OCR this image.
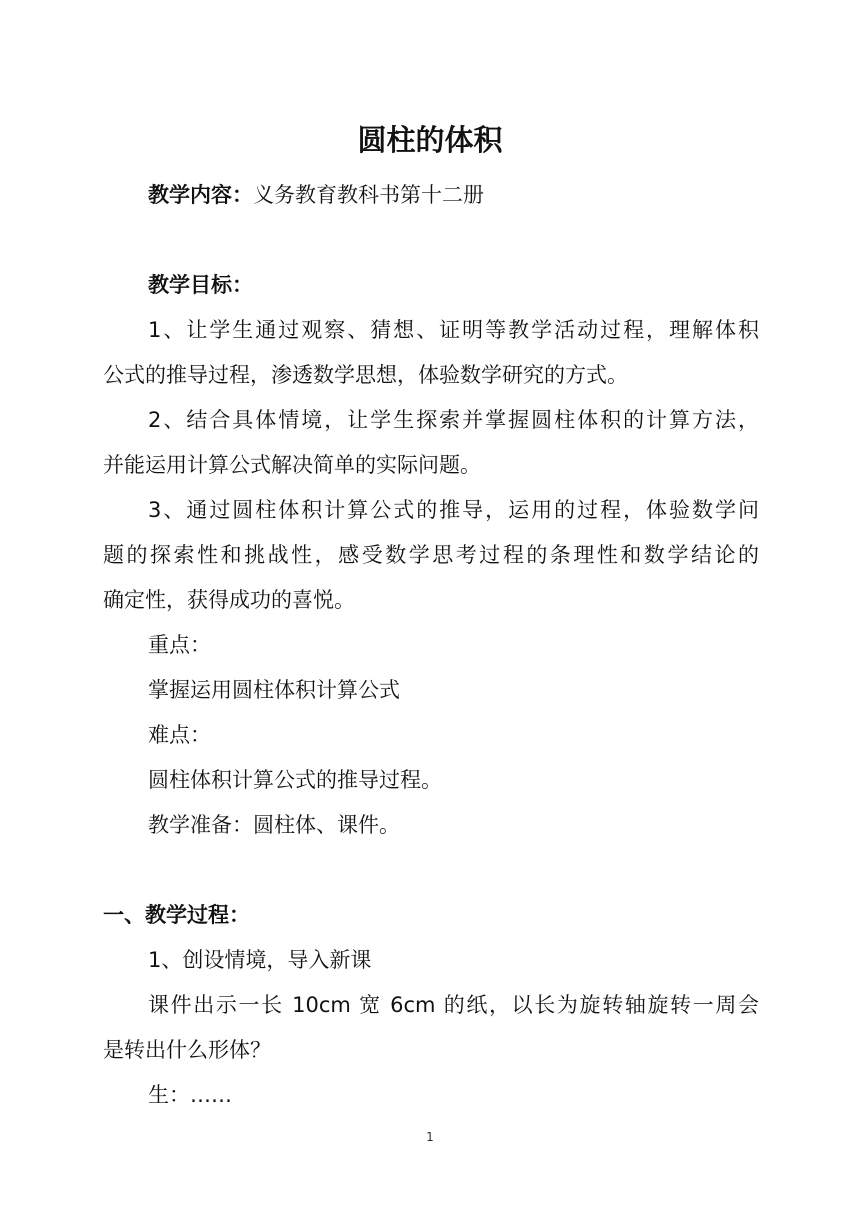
圆柱的体积
教学内容：义务教育教科书第十二册
教学目标：
1、让学生通过观察、猜想、证明等教学活动过程，理解体积
公式的推导过程，渗透数学思想，体验数学研究的方式。
2、结合具体情境，让学生探索并掌握圆柱体积的计算方法，
并能运用计算公式解决简单的实际问题。
3、通过圆柱体积计算公式的推导，运用的过程，体验数学问
题的探索性和挑战性，感受数学思考过程的条理性和数学结论的
确定性，获得成功的喜悦。
重点：
掌握运用圆柱体积计算公式
难点：
圆柱体积计算公式的推导过程。
教学准备：圆柱体、课件。
一、教学过程：
1、创设情境，导入新课
课件出示一长 10cm 宽 6cm 的纸，以长为旋转轴旋转一周会
是转出什么形体？
生：……
1
